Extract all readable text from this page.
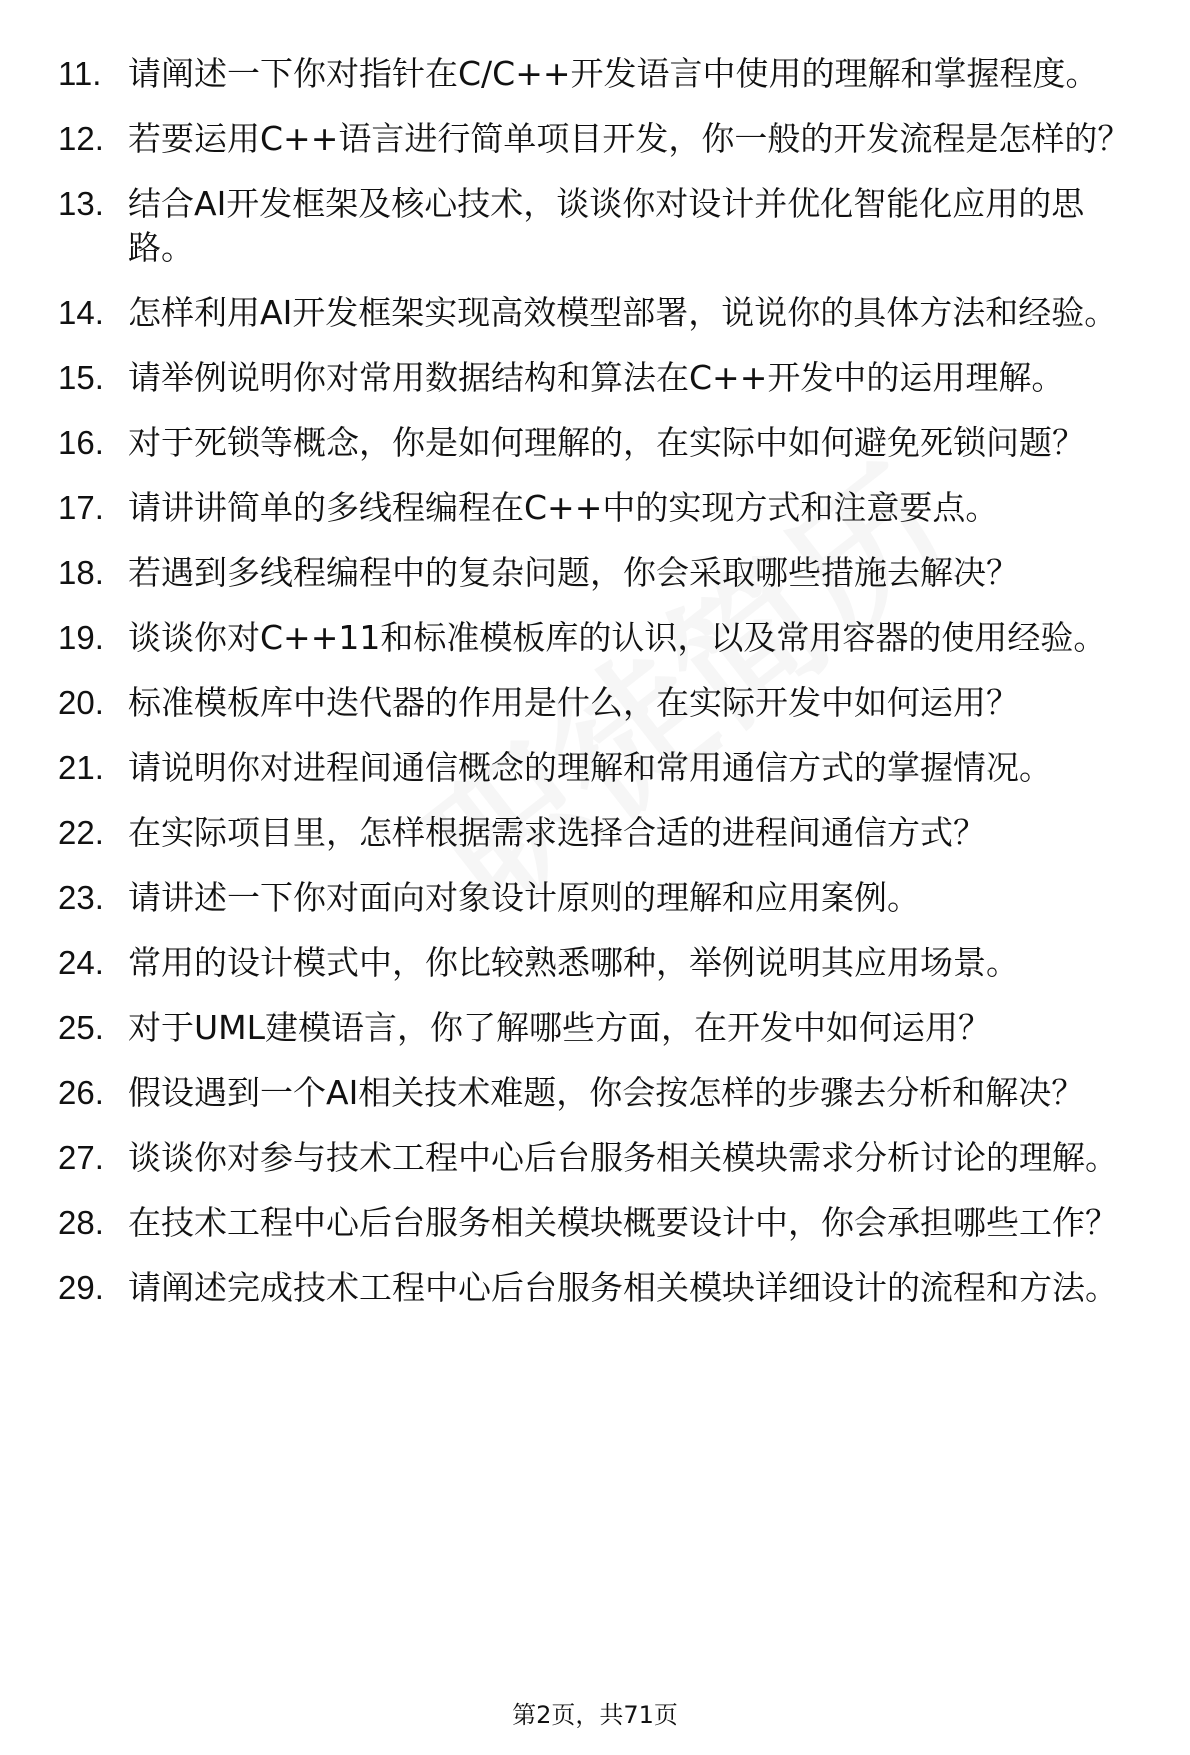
11. 请阐述一下你对指针在C/C++开发语言中使用的理解和掌握程度。
12. 若要运用C++语言进行简单项目开发，你一般的开发流程是怎样的？
13. 结合AI开发框架及核心技术，谈谈你对设计并优化智能化应用的思路。
14. 怎样利用AI开发框架实现高效模型部署，说说你的具体方法和经验。
15. 请举例说明你对常用数据结构和算法在C++开发中的运用理解。
16. 对于死锁等概念，你是如何理解的，在实际中如何避免死锁问题？
17. 请讲讲简单的多线程编程在C++中的实现方式和注意要点。
18. 若遇到多线程编程中的复杂问题，你会采取哪些措施去解决？
19. 谈谈你对C++11和标准模板库的认识，以及常用容器的使用经验。
20. 标准模板库中迭代器的作用是什么，在实际开发中如何运用？
21. 请说明你对进程间通信概念的理解和常用通信方式的掌握情况。
22. 在实际项目里，怎样根据需求选择合适的进程间通信方式？
23. 请讲述一下你对面向对象设计原则的理解和应用案例。
24. 常用的设计模式中，你比较熟悉哪种，举例说明其应用场景。
25. 对于UML建模语言，你了解哪些方面，在开发中如何运用？
26. 假设遇到一个AI相关技术难题，你会按怎样的步骤去分析和解决？
27. 谈谈你对参与技术工程中心后台服务相关模块需求分析讨论的理解。
28. 在技术工程中心后台服务相关模块概要设计中，你会承担哪些工作？
29. 请阐述完成技术工程中心后台服务相关模块详细设计的流程和方法。
第2页，共71页
